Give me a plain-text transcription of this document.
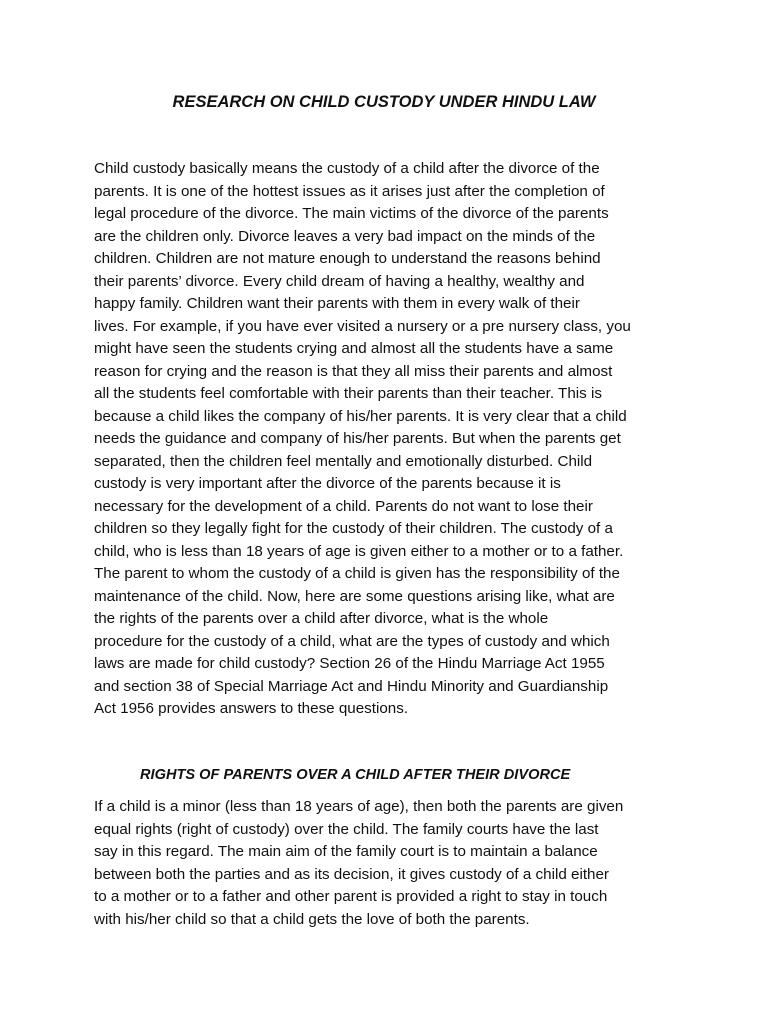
RESEARCH ON CHILD CUSTODY UNDER HINDU LAW

Child custody basically means the custody of a child after the divorce of the
parents. It is one of the hottest issues as it arises just after the completion of
legal procedure of the divorce. The main victims of the divorce of the parents
are the children only. Divorce leaves a very bad impact on the minds of the
children. Children are not mature enough to understand the reasons behind
their parents’ divorce. Every child dream of having a healthy, wealthy and
happy family. Children want their parents with them in every walk of their
lives. For example, if you have ever visited a nursery or a pre nursery class, you
might have seen the students crying and almost all the students have a same
reason for crying and the reason is that they all miss their parents and almost
all the students feel comfortable with their parents than their teacher. This is
because a child likes the company of his/her parents. It is very clear that a child
needs the guidance and company of his/her parents. But when the parents get
separated, then the children feel mentally and emotionally disturbed. Child
custody is very important after the divorce of the parents because it is
necessary for the development of a child. Parents do not want to lose their
children so they legally fight for the custody of their children. The custody of a
child, who is less than 18 years of age is given either to a mother or to a father.
The parent to whom the custody of a child is given has the responsibility of the
maintenance of the child. Now, here are some questions arising like, what are
the rights of the parents over a child after divorce, what is the whole
procedure for the custody of a child, what are the types of custody and which
laws are made for child custody? Section 26 of the Hindu Marriage Act 1955
and section 38 of Special Marriage Act and Hindu Minority and Guardianship
Act 1956 provides answers to these questions.

RIGHTS OF PARENTS OVER A CHILD AFTER THEIR DIVORCE

If a child is a minor (less than 18 years of age), then both the parents are given
equal rights (right of custody) over the child. The family courts have the last
say in this regard. The main aim of the family court is to maintain a balance
between both the parties and as its decision, it gives custody of a child either
to a mother or to a father and other parent is provided a right to stay in touch
with his/her child so that a child gets the love of both the parents.
